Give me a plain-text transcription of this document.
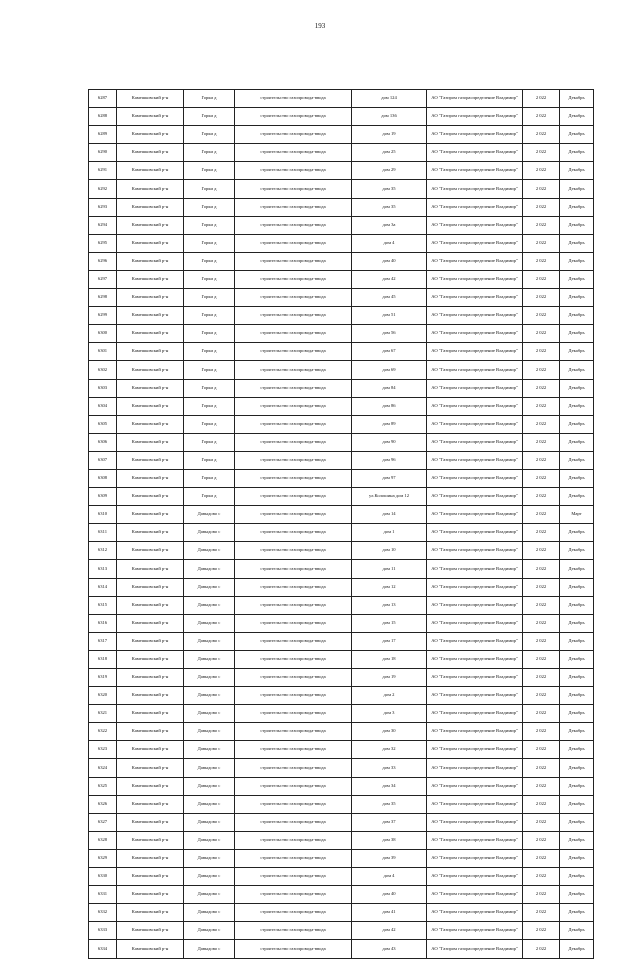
193
6287	Камешковский р-н	Горки д	строительство газопровода-ввода	дом 124	АО "Газпром газораспределение Владимир"	2 022	Декабрь
6288	Камешковский р-н	Горки д	строительство газопровода-ввода	дом 136	АО "Газпром газораспределение Владимир"	2 022	Декабрь
6289	Камешковский р-н	Горки д	строительство газопровода-ввода	дом 19	АО "Газпром газораспределение Владимир"	2 022	Декабрь
6290	Камешковский р-н	Горки д	строительство газопровода-ввода	дом 25	АО "Газпром газораспределение Владимир"	2 022	Декабрь
6291	Камешковский р-н	Горки д	строительство газопровода-ввода	дом 29	АО "Газпром газораспределение Владимир"	2 022	Декабрь
6292	Камешковский р-н	Горки д	строительство газопровода-ввода	дом 35	АО "Газпром газораспределение Владимир"	2 022	Декабрь
6293	Камешковский р-н	Горки д	строительство газопровода-ввода	дом 35	АО "Газпром газораспределение Владимир"	2 022	Декабрь
6294	Камешковский р-н	Горки д	строительство газопровода-ввода	дом 3а	АО "Газпром газораспределение Владимир"	2 022	Декабрь
6295	Камешковский р-н	Горки д	строительство газопровода-ввода	дом 4	АО "Газпром газораспределение Владимир"	2 022	Декабрь
6296	Камешковский р-н	Горки д	строительство газопровода-ввода	дом 40	АО "Газпром газораспределение Владимир"	2 022	Декабрь
6297	Камешковский р-н	Горки д	строительство газопровода-ввода	дом 42	АО "Газпром газораспределение Владимир"	2 022	Декабрь
6298	Камешковский р-н	Горки д	строительство газопровода-ввода	дом 45	АО "Газпром газораспределение Владимир"	2 022	Декабрь
6299	Камешковский р-н	Горки д	строительство газопровода-ввода	дом 51	АО "Газпром газораспределение Владимир"	2 022	Декабрь
6300	Камешковский р-н	Горки д	строительство газопровода-ввода	дом 56	АО "Газпром газораспределение Владимир"	2 022	Декабрь
6301	Камешковский р-н	Горки д	строительство газопровода-ввода	дом 67	АО "Газпром газораспределение Владимир"	2 022	Декабрь
6302	Камешковский р-н	Горки д	строительство газопровода-ввода	дом 69	АО "Газпром газораспределение Владимир"	2 022	Декабрь
6303	Камешковский р-н	Горки д	строительство газопровода-ввода	дом 84	АО "Газпром газораспределение Владимир"	2 022	Декабрь
6304	Камешковский р-н	Горки д	строительство газопровода-ввода	дом 86	АО "Газпром газораспределение Владимир"	2 022	Декабрь
6305	Камешковский р-н	Горки д	строительство газопровода-ввода	дом 89	АО "Газпром газораспределение Владимир"	2 022	Декабрь
6306	Камешковский р-н	Горки д	строительство газопровода-ввода	дом 90	АО "Газпром газораспределение Владимир"	2 022	Декабрь
6307	Камешковский р-н	Горки д	строительство газопровода-ввода	дом 96	АО "Газпром газораспределение Владимир"	2 022	Декабрь
6308	Камешковский р-н	Горки д	строительство газопровода-ввода	дом 97	АО "Газпром газораспределение Владимир"	2 022	Декабрь
6309	Камешковский р-н	Горки д	строительство газопровода-ввода	ул.Колошина дом 12	АО "Газпром газораспределение Владимир"	2 022	Декабрь
6310	Камешковский р-н	Давыдово с	строительство газопровода-ввода	дом 14	АО "Газпром газораспределение Владимир"	2 022	Март
6311	Камешковский р-н	Давыдово с	строительство газопровода-ввода	дом 1	АО "Газпром газораспределение Владимир"	2 022	Декабрь
6312	Камешковский р-н	Давыдово с	строительство газопровода-ввода	дом 10	АО "Газпром газораспределение Владимир"	2 022	Декабрь
6313	Камешковский р-н	Давыдово с	строительство газопровода-ввода	дом 11	АО "Газпром газораспределение Владимир"	2 022	Декабрь
6314	Камешковский р-н	Давыдово с	строительство газопровода-ввода	дом 12	АО "Газпром газораспределение Владимир"	2 022	Декабрь
6315	Камешковский р-н	Давыдово с	строительство газопровода-ввода	дом 13	АО "Газпром газораспределение Владимир"	2 022	Декабрь
6316	Камешковский р-н	Давыдово с	строительство газопровода-ввода	дом 15	АО "Газпром газораспределение Владимир"	2 022	Декабрь
6317	Камешковский р-н	Давыдово с	строительство газопровода-ввода	дом 17	АО "Газпром газораспределение Владимир"	2 022	Декабрь
6318	Камешковский р-н	Давыдово с	строительство газопровода-ввода	дом 18	АО "Газпром газораспределение Владимир"	2 022	Декабрь
6319	Камешковский р-н	Давыдово с	строительство газопровода-ввода	дом 19	АО "Газпром газораспределение Владимир"	2 022	Декабрь
6320	Камешковский р-н	Давыдово с	строительство газопровода-ввода	дом 2	АО "Газпром газораспределение Владимир"	2 022	Декабрь
6321	Камешковский р-н	Давыдово с	строительство газопровода-ввода	дом 3	АО "Газпром газораспределение Владимир"	2 022	Декабрь
6322	Камешковский р-н	Давыдово с	строительство газопровода-ввода	дом 30	АО "Газпром газораспределение Владимир"	2 022	Декабрь
6323	Камешковский р-н	Давыдово с	строительство газопровода-ввода	дом 32	АО "Газпром газораспределение Владимир"	2 022	Декабрь
6324	Камешковский р-н	Давыдово с	строительство газопровода-ввода	дом 33	АО "Газпром газораспределение Владимир"	2 022	Декабрь
6325	Камешковский р-н	Давыдово с	строительство газопровода-ввода	дом 34	АО "Газпром газораспределение Владимир"	2 022	Декабрь
6326	Камешковский р-н	Давыдово с	строительство газопровода-ввода	дом 35	АО "Газпром газораспределение Владимир"	2 022	Декабрь
6327	Камешковский р-н	Давыдово с	строительство газопровода-ввода	дом 37	АО "Газпром газораспределение Владимир"	2 022	Декабрь
6328	Камешковский р-н	Давыдово с	строительство газопровода-ввода	дом 38	АО "Газпром газораспределение Владимир"	2 022	Декабрь
6329	Камешковский р-н	Давыдово с	строительство газопровода-ввода	дом 39	АО "Газпром газораспределение Владимир"	2 022	Декабрь
6330	Камешковский р-н	Давыдово с	строительство газопровода-ввода	дом 4	АО "Газпром газораспределение Владимир"	2 022	Декабрь
6331	Камешковский р-н	Давыдово с	строительство газопровода-ввода	дом 40	АО "Газпром газораспределение Владимир"	2 022	Декабрь
6332	Камешковский р-н	Давыдово с	строительство газопровода-ввода	дом 41	АО "Газпром газораспределение Владимир"	2 022	Декабрь
6333	Камешковский р-н	Давыдово с	строительство газопровода-ввода	дом 42	АО "Газпром газораспределение Владимир"	2 022	Декабрь
6334	Камешковский р-н	Давыдово с	строительство газопровода-ввода	дом 43	АО "Газпром газораспределение Владимир"	2 022	Декабрь
